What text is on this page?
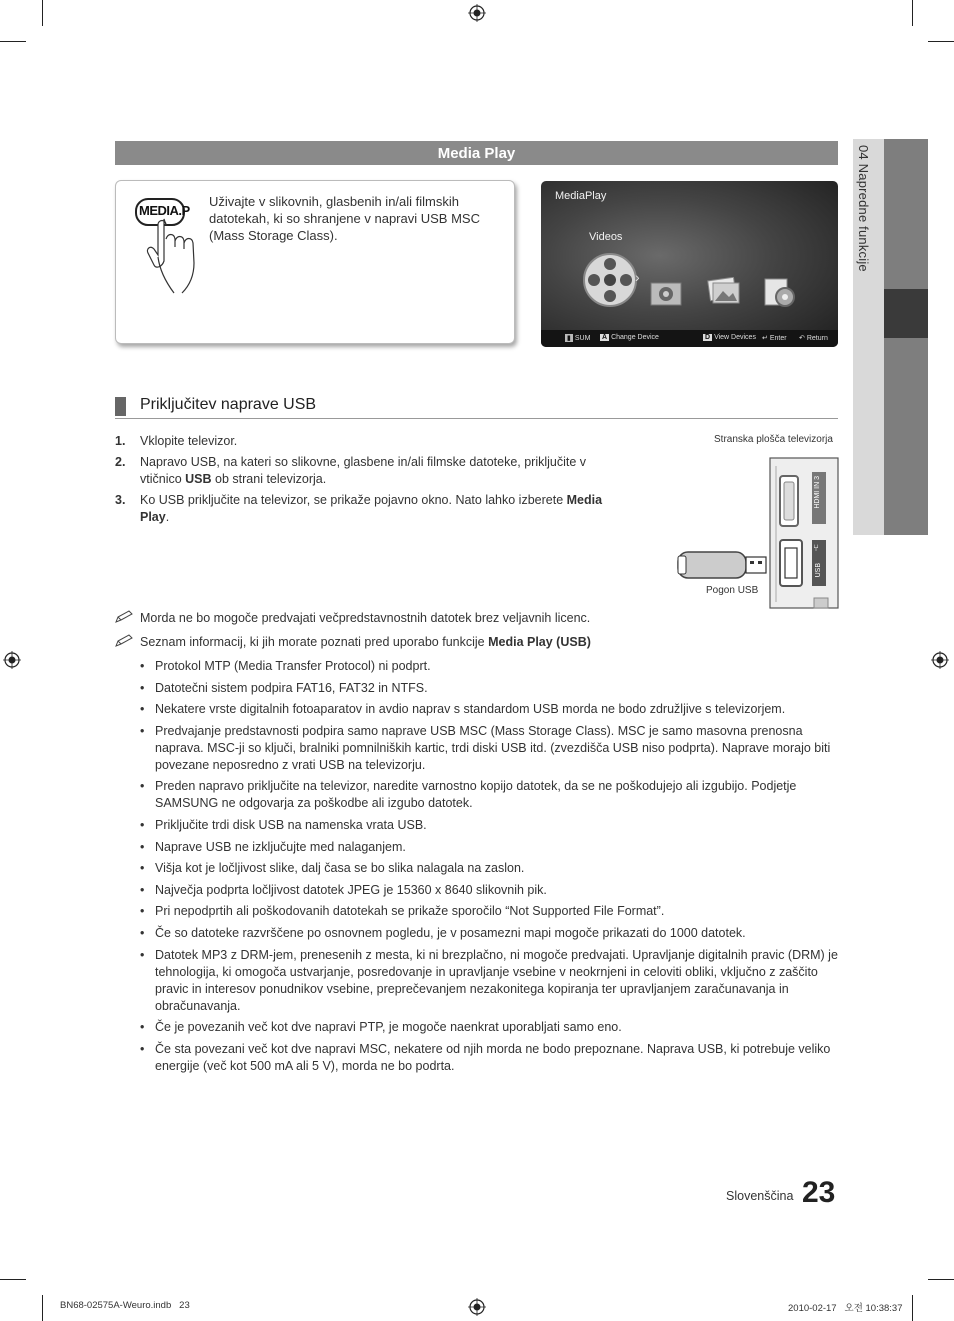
04 Napredne funkcije
Media Play
MEDIA.P
Uživajte v slikovnih, glasbenih in/ali filmskih datotekah, ki so shranjene v napravi USB MSC (Mass Storage Class).
MediaPlay
Videos
›
▮ SUM A Change Device	D View Devices ↵ Enter ↶ Return
Priključitev naprave USB
1. Vklopite televizor.
2. Napravo USB, na kateri so slikovne, glasbene in/ali filmske datoteke, priključite v vtičnico USB ob strani televizorja.
3. Ko USB priključite na televizor, se prikaže pojavno okno. Nato lahko izberete Media Play.
Stranska plošča televizorja
HDMI IN 3
USB
⑂
Pogon USB
Morda ne bo mogoče predvajati večpredstavnostnih datotek brez veljavnih licenc.
Seznam informacij, ki jih morate poznati pred uporabo funkcije Media Play (USB)
• Protokol MTP (Media Transfer Protocol) ni podprt.
• Datotečni sistem podpira FAT16, FAT32 in NTFS.
• Nekatere vrste digitalnih fotoaparatov in avdio naprav s standardom USB morda ne bodo združljive s televizorjem.
• Predvajanje predstavnosti podpira samo naprave USB MSC (Mass Storage Class). MSC je samo masovna prenosna naprava. MSC-ji so ključi, bralniki pomnilniških kartic, trdi diski USB itd. (zvezdišča USB niso podprta). Naprave morajo biti povezane neposredno z vrati USB na televizorju.
• Preden napravo priključite na televizor, naredite varnostno kopijo datotek, da se ne poškodujejo ali izgubijo. Podjetje SAMSUNG ne odgovarja za poškodbe ali izgubo datotek.
• Priključite trdi disk USB na namenska vrata USB.
• Naprave USB ne izključujte med nalaganjem.
• Višja kot je ločljivost slike, dalj časa se bo slika nalagala na zaslon.
• Največja podprta ločljivost datotek JPEG je 15360 x 8640 slikovnih pik.
• Pri nepodprtih ali poškodovanih datotekah se prikaže sporočilo “Not Supported File Format”.
• Če so datoteke razvrščene po osnovnem pogledu, je v posamezni mapi mogoče prikazati do 1000 datotek.
• Datotek MP3 z DRM-jem, prenesenih z mesta, ki ni brezplačno, ni mogoče predvajati. Upravljanje digitalnih pravic (DRM) je tehnologija, ki omogoča ustvarjanje, posredovanje in upravljanje vsebine v neokrnjeni in celoviti obliki, vključno z zaščito pravic in interesov ponudnikov vsebine, preprečevanjem nezakonitega kopiranja ter upravljanjem zaračunavanja in obračunavanja.
• Če je povezanih več kot dve napravi PTP, je mogoče naenkrat uporabljati samo eno.
• Če sta povezani več kot dve napravi MSC, nekatere od njih morda ne bodo prepoznane. Naprava USB, ki potrebuje veliko energije (več kot 500 mA ali 5 V), morda ne bo podrta.
Slovenščina 23
BN68-02575A-Weuro.indb   23	2010-02-17   오전 10:38:37
